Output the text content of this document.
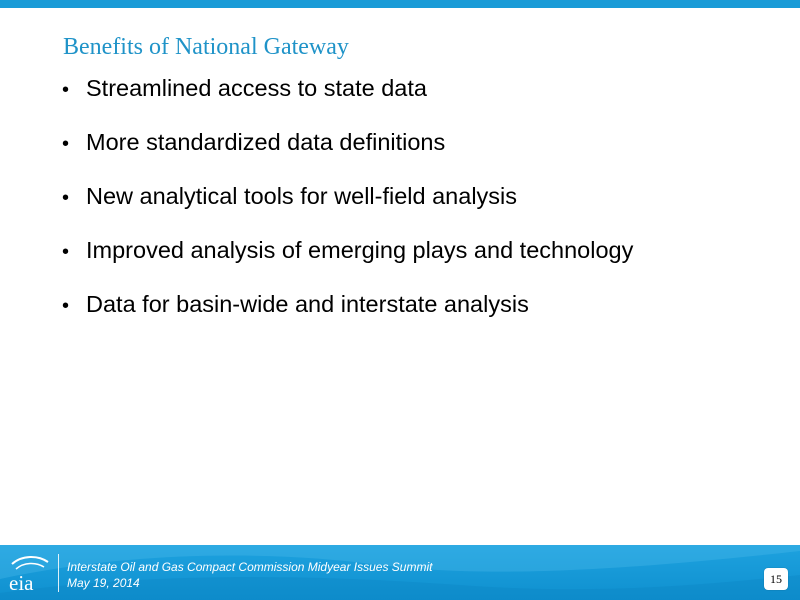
Benefits of National Gateway
• Streamlined access to state data
• More standardized data definitions
• New analytical tools for well-field analysis
• Improved analysis of emerging plays and technology
• Data for basin-wide and interstate analysis
eia

Interstate Oil and Gas Compact Commission Midyear Issues Summit

May 19, 2014	15
